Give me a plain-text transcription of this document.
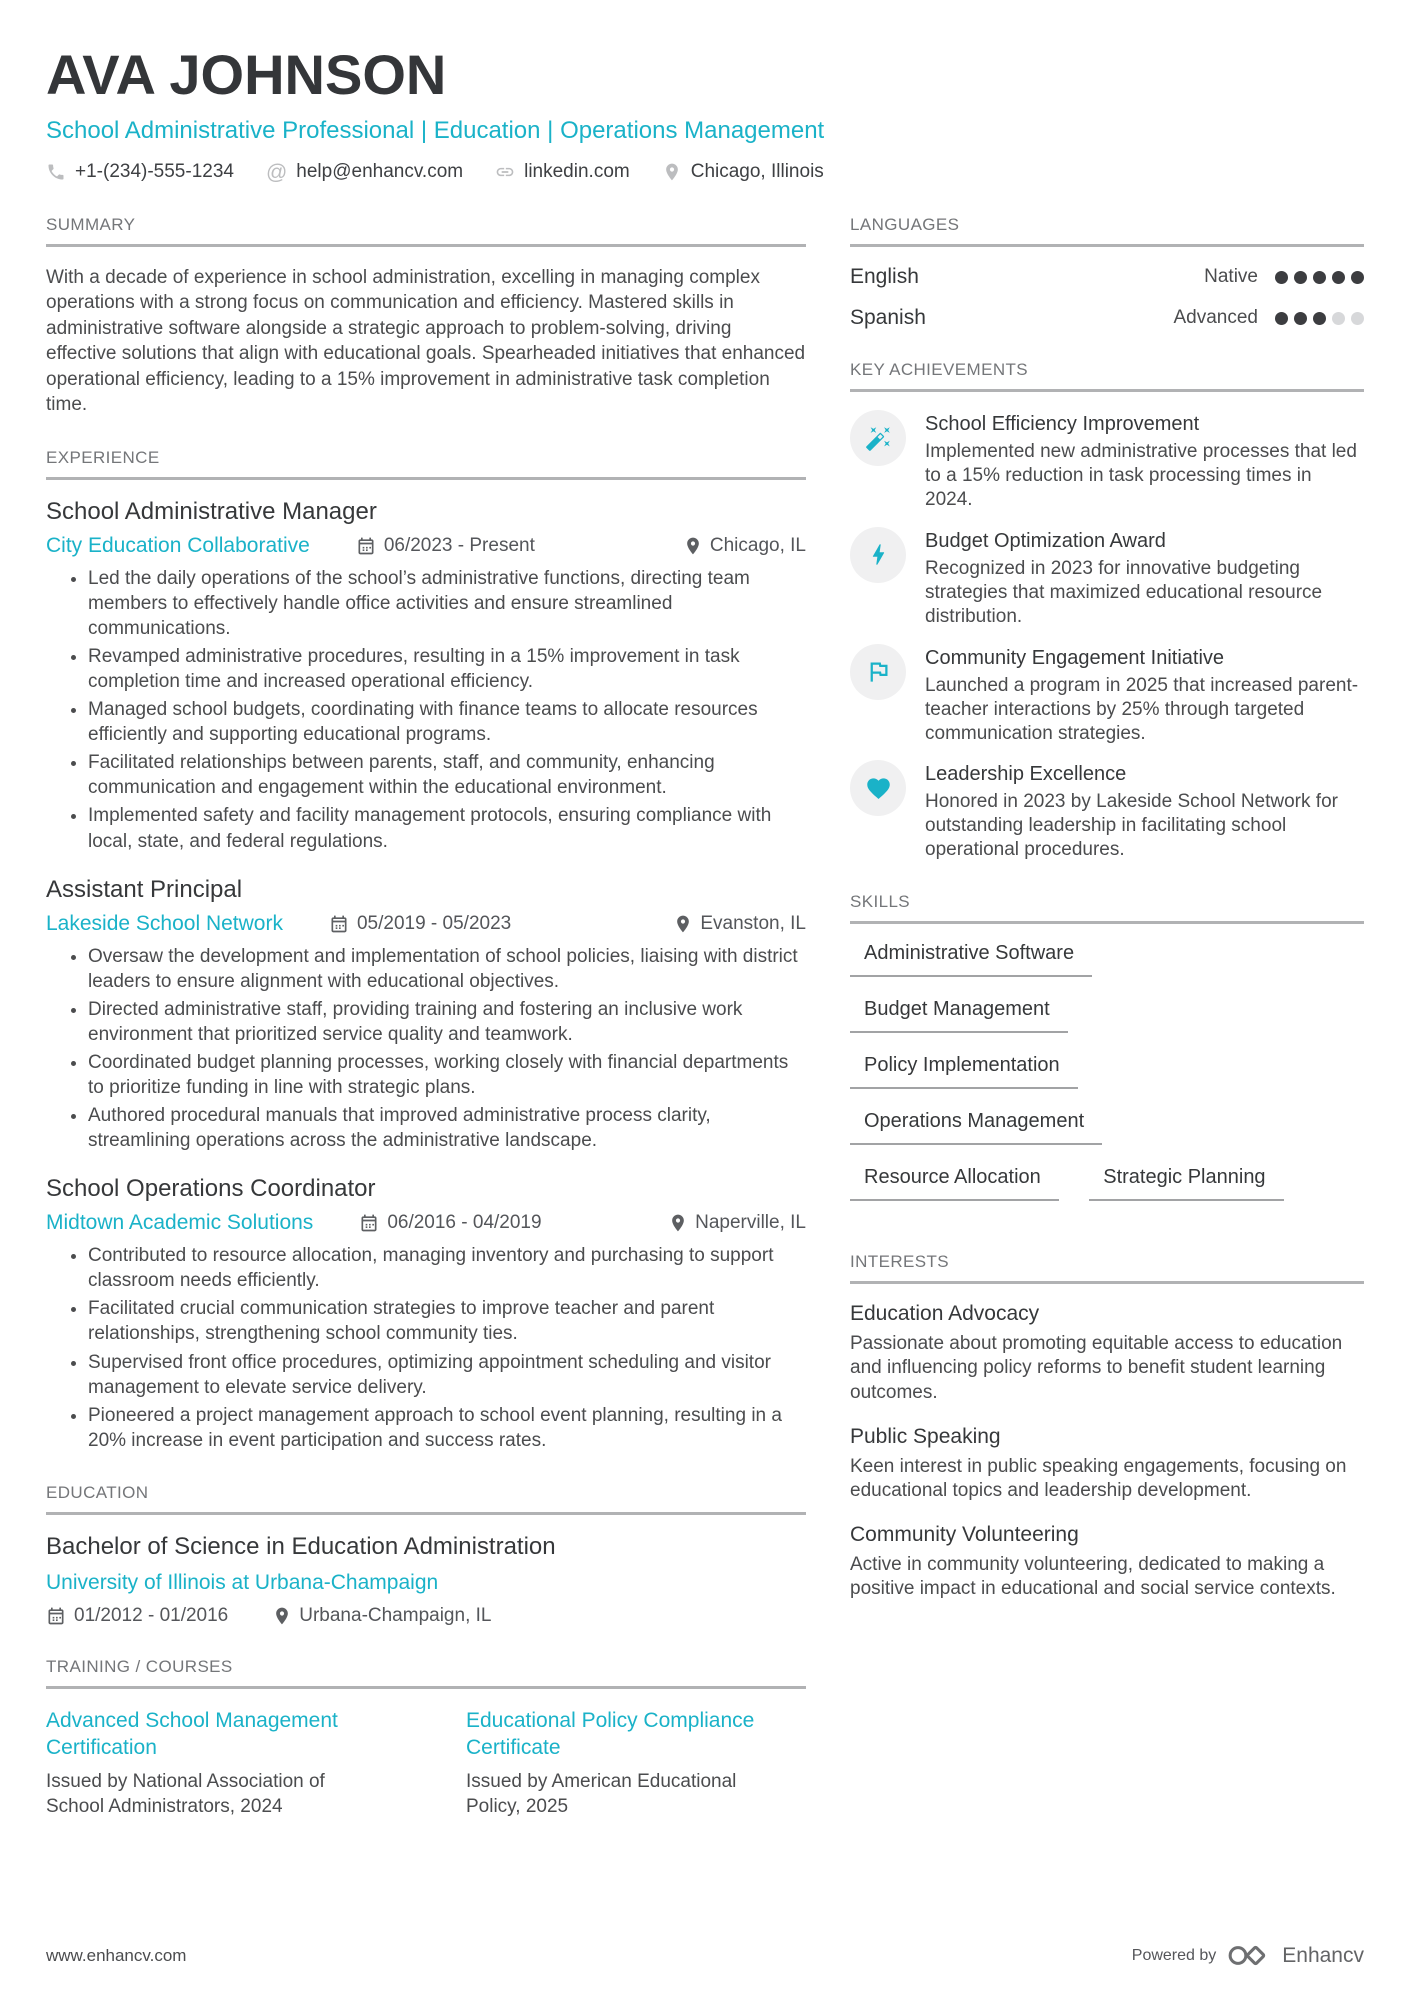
AVA JOHNSON
School Administrative Professional | Education | Operations Management
+1-(234)-555-1234 @ help@enhancv.com	linkedin.com	Chicago, Illinois
SUMMARY

With a decade of experience in school administration, excelling in managing complex operations with a strong focus on communication and efficiency. Mastered skills in administrative software alongside a strategic approach to problem-solving, driving effective solutions that align with educational goals. Spearheaded initiatives that enhanced operational efficiency, leading to a 15% improvement in administrative task completion time.

EXPERIENCE
School Administrative Manager
City Education Collaborative	06/2023 - Present	Chicago, IL
• Led the daily operations of the school’s administrative functions, directing team members to effectively handle office activities and ensure streamlined communications.
• Revamped administrative procedures, resulting in a 15% improvement in task completion time and increased operational efficiency.
• Managed school budgets, coordinating with finance teams to allocate resources efficiently and supporting educational programs.
• Facilitated relationships between parents, staff, and community, enhancing communication and engagement within the educational environment.
• Implemented safety and facility management protocols, ensuring compliance with local, state, and federal regulations.
Assistant Principal
Lakeside School Network	05/2019 - 05/2023	Evanston, IL
• Oversaw the development and implementation of school policies, liaising with district leaders to ensure alignment with educational objectives.
• Directed administrative staff, providing training and fostering an inclusive work environment that prioritized service quality and teamwork.
• Coordinated budget planning processes, working closely with financial departments to prioritize funding in line with strategic plans.
• Authored procedural manuals that improved administrative process clarity, streamlining operations across the administrative landscape.
School Operations Coordinator
Midtown Academic Solutions	06/2016 - 04/2019	Naperville, IL
• Contributed to resource allocation, managing inventory and purchasing to support classroom needs efficiently.
• Facilitated crucial communication strategies to improve teacher and parent relationships, strengthening school community ties.
• Supervised front office procedures, optimizing appointment scheduling and visitor management to elevate service delivery.
• Pioneered a project management approach to school event planning, resulting in a 20% increase in event participation and success rates.
EDUCATION
Bachelor of Science in Education Administration
University of Illinois at Urbana-Champaign
01/2012 - 01/2016	Urbana-Champaign, IL
TRAINING / COURSES
Advanced School Management Certification

Issued by National Association of School Administrators, 2024

Educational Policy Compliance Certificate

Issued by American Educational Policy, 2025

LANGUAGES
English	Native
Spanish	Advanced
KEY ACHIEVEMENTS
School Efficiency Improvement

Implemented new administrative processes that led to a 15% reduction in task processing times in 2024.

Budget Optimization Award

Recognized in 2023 for innovative budgeting strategies that maximized educational resource distribution.

Community Engagement Initiative

Launched a program in 2025 that increased parent-teacher interactions by 25% through targeted communication strategies.

Leadership Excellence

Honored in 2023 by Lakeside School Network for outstanding leadership in facilitating school operational procedures.

SKILLS
Administrative Software
Budget Management
Policy Implementation
Operations Management
Resource Allocation	Strategic Planning
INTERESTS
Education Advocacy

Passionate about promoting equitable access to education and influencing policy reforms to benefit student learning outcomes.

Public Speaking

Keen interest in public speaking engagements, focusing on educational topics and leadership development.

Community Volunteering

Active in community volunteering, dedicated to making a positive impact in educational and social service contexts.

www.enhancv.com	Powered by	Enhancv
